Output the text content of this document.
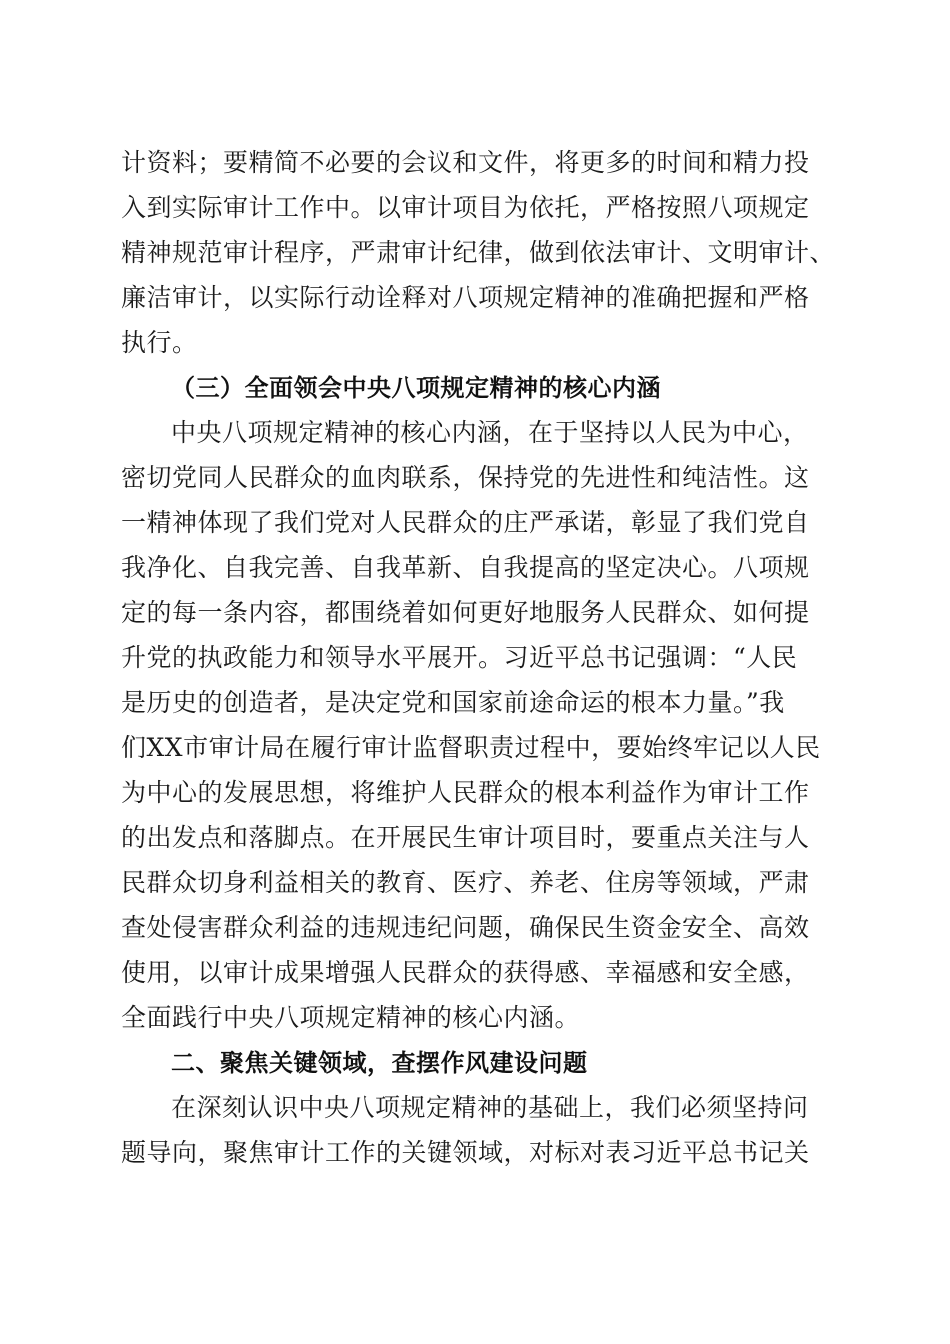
计资料；要精简不必要的会议和文件，将更多的时间和精力投
入到实际审计工作中。以审计项目为依托，严格按照八项规定
精神规范审计程序，严肃审计纪律，做到依法审计、文明审计、
廉洁审计，以实际行动诠释对八项规定精神的准确把握和严格
执行。
（三）全面领会中央八项规定精神的核心内涵
中央八项规定精神的核心内涵，在于坚持以人民为中心，
密切党同人民群众的血肉联系，保持党的先进性和纯洁性。这
一精神体现了我们党对人民群众的庄严承诺，彰显了我们党自
我净化、自我完善、自我革新、自我提高的坚定决心。八项规
定的每一条内容，都围绕着如何更好地服务人民群众、如何提
升党的执政能力和领导水平展开。习近平总书记强调：“人民
是历史的创造者，是决定党和国家前途命运的根本力量。”我
们XX市审计局在履行审计监督职责过程中，要始终牢记以人民
为中心的发展思想，将维护人民群众的根本利益作为审计工作
的出发点和落脚点。在开展民生审计项目时，要重点关注与人
民群众切身利益相关的教育、医疗、养老、住房等领域，严肃
查处侵害群众利益的违规违纪问题，确保民生资金安全、高效
使用，以审计成果增强人民群众的获得感、幸福感和安全感，
全面践行中央八项规定精神的核心内涵。
二、聚焦关键领域，查摆作风建设问题
在深刻认识中央八项规定精神的基础上，我们必须坚持问
题导向，聚焦审计工作的关键领域，对标对表习近平总书记关
